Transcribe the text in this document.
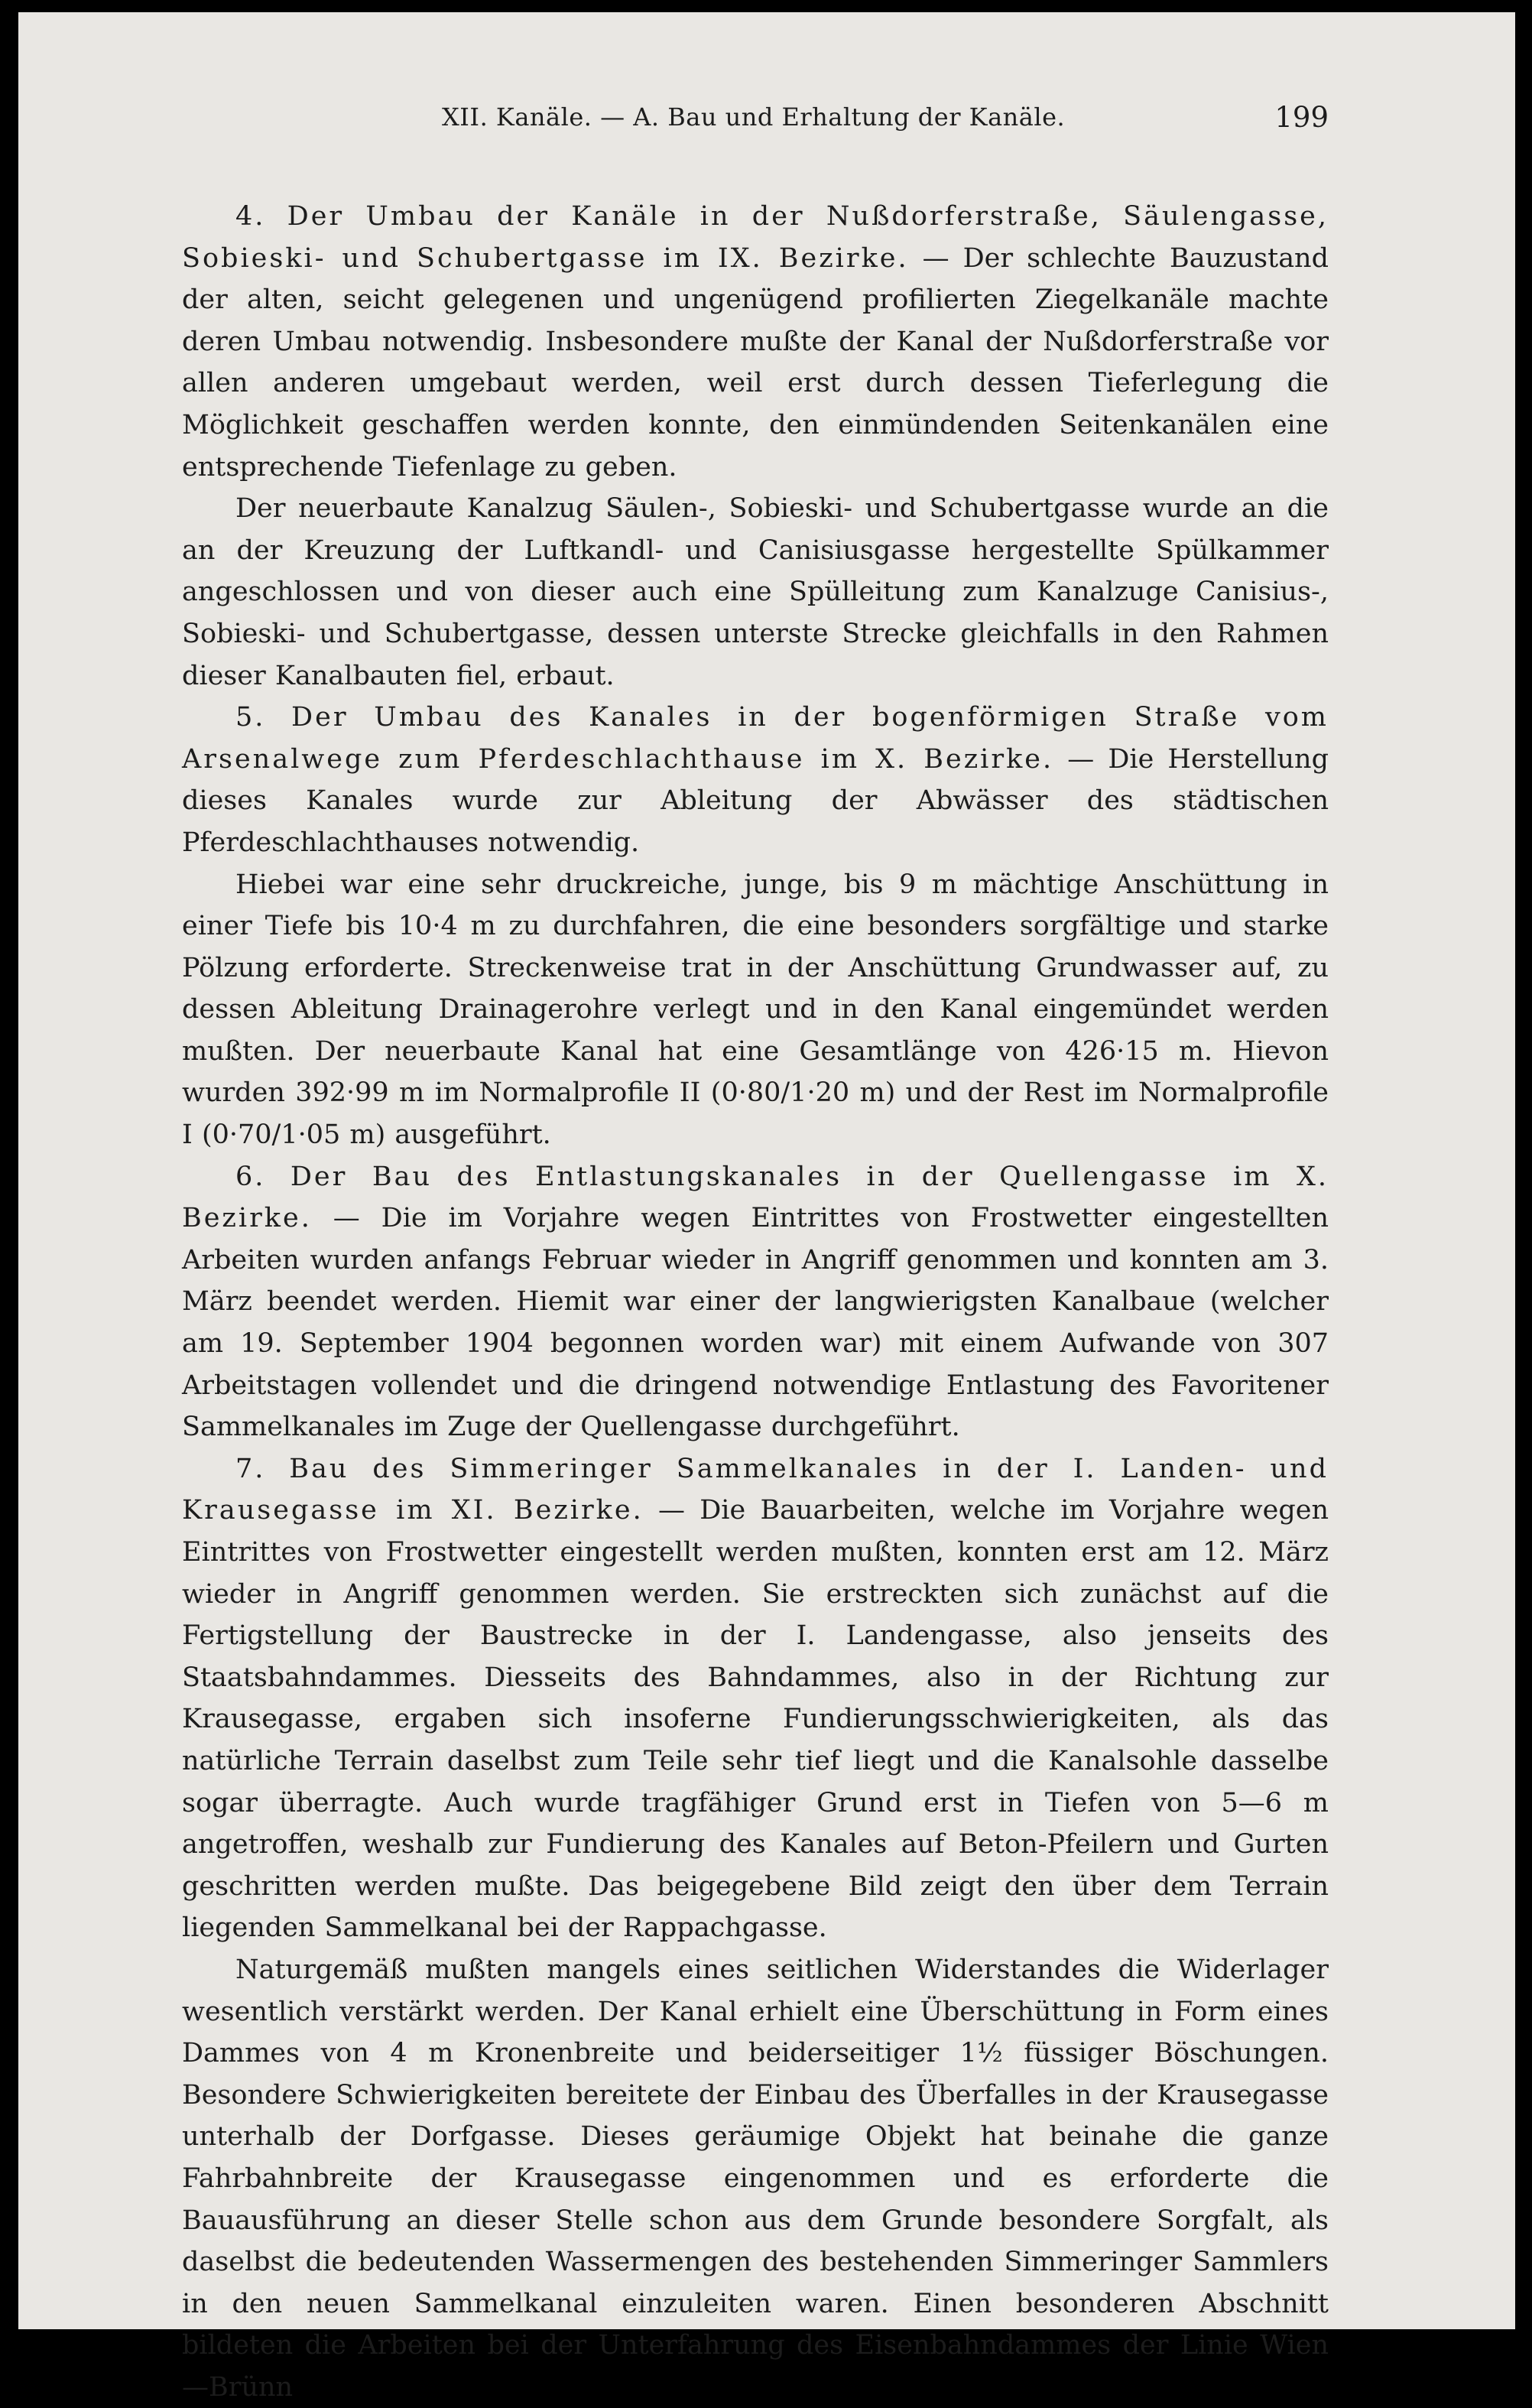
XII. Kanäle. — A. Bau und Erhaltung der Kanäle.	199

4. Der Umbau der Kanäle in der Nußdorferstraße, Säulengasse, Sobieski- und Schubertgasse im IX. Bezirke. — Der schlechte Bauzustand der alten, seicht gelegenen und ungenügend profilierten Ziegelkanäle machte deren Umbau notwendig. Insbesondere mußte der Kanal der Nußdorferstraße vor allen anderen umgebaut werden, weil erst durch dessen Tieferlegung die Möglichkeit geschaffen werden konnte, den einmündenden Seitenkanälen eine entsprechende Tiefenlage zu geben.

Der neuerbaute Kanalzug Säulen-, Sobieski- und Schubertgasse wurde an die an der Kreuzung der Luftkandl- und Canisiusgasse hergestellte Spülkammer angeschlossen und von dieser auch eine Spülleitung zum Kanalzuge Canisius-, Sobieski- und Schubertgasse, dessen unterste Strecke gleichfalls in den Rahmen dieser Kanalbauten fiel, erbaut.

5. Der Umbau des Kanales in der bogenförmigen Straße vom Arsenalwege zum Pferdeschlachthause im X. Bezirke. — Die Herstellung dieses Kanales wurde zur Ableitung der Abwässer des städtischen Pferdeschlachthauses notwendig.

Hiebei war eine sehr druckreiche, junge, bis 9 m mächtige Anschüttung in einer Tiefe bis 10·4 m zu durchfahren, die eine besonders sorgfältige und starke Pölzung erforderte. Streckenweise trat in der Anschüttung Grundwasser auf, zu dessen Ableitung Drainagerohre verlegt und in den Kanal eingemündet werden mußten. Der neuerbaute Kanal hat eine Gesamtlänge von 426·15 m. Hievon wurden 392·99 m im Normalprofile II (0·80/1·20 m) und der Rest im Normalprofile I (0·70/1·05 m) ausgeführt.

6. Der Bau des Entlastungskanales in der Quellengasse im X. Bezirke. — Die im Vorjahre wegen Eintrittes von Frostwetter eingestellten Arbeiten wurden anfangs Februar wieder in Angriff genommen und konnten am 3. März beendet werden. Hiemit war einer der langwierigsten Kanalbaue (welcher am 19. September 1904 begonnen worden war) mit einem Aufwande von 307 Arbeitstagen vollendet und die dringend notwendige Entlastung des Favoritener Sammelkanales im Zuge der Quellengasse durchgeführt.

7. Bau des Simmeringer Sammelkanales in der I. Landen- und Krausegasse im XI. Bezirke. — Die Bauarbeiten, welche im Vorjahre wegen Eintrittes von Frostwetter eingestellt werden mußten, konnten erst am 12. März wieder in Angriff genommen werden. Sie erstreckten sich zunächst auf die Fertigstellung der Baustrecke in der I. Landengasse, also jenseits des Staatsbahndammes. Diesseits des Bahndammes, also in der Richtung zur Krausegasse, ergaben sich insoferne Fundierungsschwierigkeiten, als das natürliche Terrain daselbst zum Teile sehr tief liegt und die Kanalsohle dasselbe sogar überragte. Auch wurde tragfähiger Grund erst in Tiefen von 5—6 m angetroffen, weshalb zur Fundierung des Kanales auf Beton-Pfeilern und Gurten geschritten werden mußte. Das beigegebene Bild zeigt den über dem Terrain liegenden Sammelkanal bei der Rappachgasse.

Naturgemäß mußten mangels eines seitlichen Widerstandes die Widerlager wesentlich verstärkt werden. Der Kanal erhielt eine Überschüttung in Form eines Dammes von 4 m Kronenbreite und beiderseitiger 1½ füssiger Böschungen. Besondere Schwierigkeiten bereitete der Einbau des Überfalles in der Krausegasse unterhalb der Dorfgasse. Dieses geräumige Objekt hat beinahe die ganze Fahrbahnbreite der Krausegasse eingenommen und es erforderte die Bauausführung an dieser Stelle schon aus dem Grunde besondere Sorgfalt, als daselbst die bedeutenden Wassermengen des bestehenden Simmeringer Sammlers in den neuen Sammelkanal einzuleiten waren. Einen besonderen Abschnitt bildeten die Arbeiten bei der Unterfahrung des Eisenbahndammes der Linie Wien—Brünn
